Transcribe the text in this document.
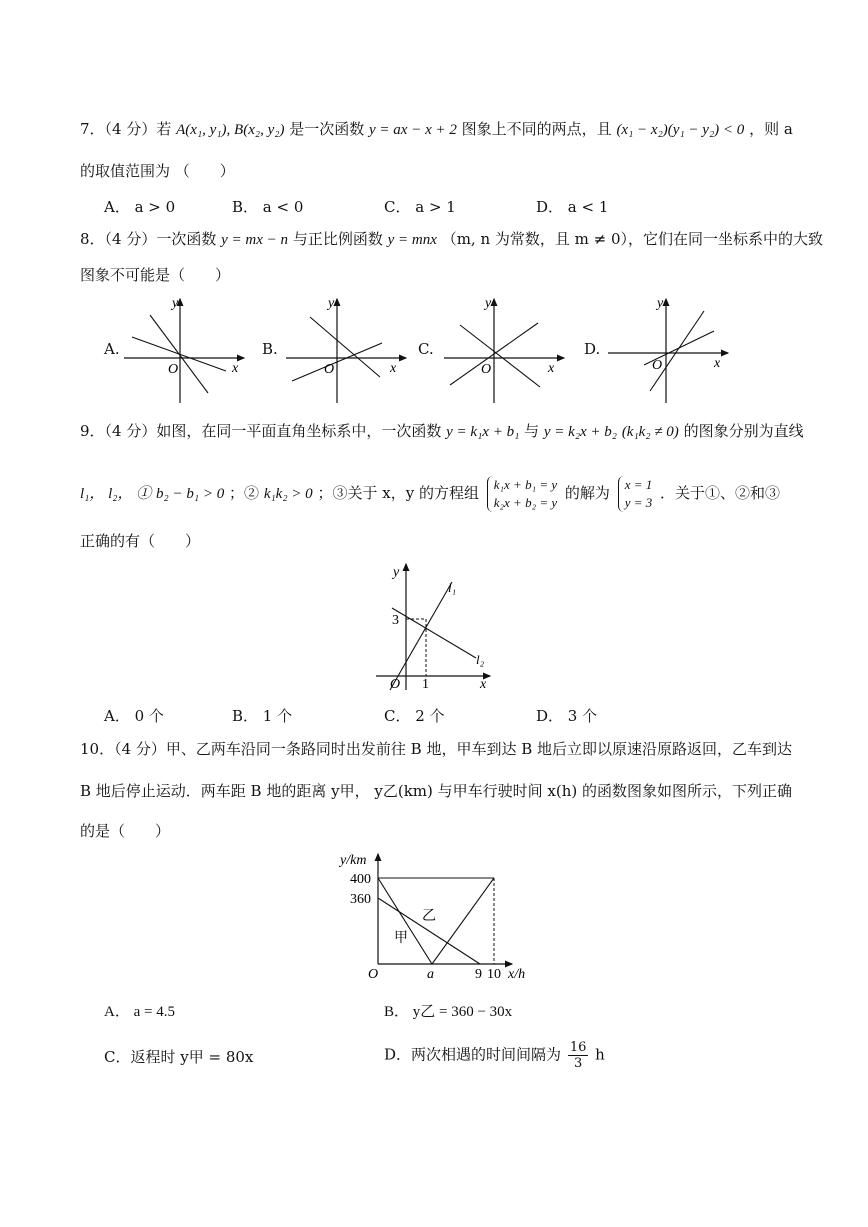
7．（4 分）若 A(x₁, y₁), B(x₂, y₂) 是一次函数 y = ax − x + 2 图象上不同的两点，且 (x₁ − x₂)(y₁ − y₂) < 0 ，则 a
的取值范围为 （　　）
A． a > 0	B． a < 0	C． a > 1	D． a < 1
8．（4 分）一次函数 y = mx − n 与正比例函数 y = mnx （m, n 为常数，且 m ≠ 0），它们在同一坐标系中的大致
图象不可能是（　　）
A.
y
x
O
B.
y
x
O
C.
y
x
O
D.
y
x
O
9．（4 分）如图，在同一平面直角坐标系中，一次函数 y = k₁x + b₁ 与 y = k₂x + b₂ (k₁k₂ ≠ 0) 的图象分别为直线
l₁， l₂， ① b₂ − b₁ > 0 ；② k₁k₂ > 0 ；③关于 x，y 的方程组 k₁x + b₁ = y
k₂x + b₂ = y
的解为 x = 1
y = 3
．关于①、②和③
正确的有（　　）
y
x
O
3
1
l₁
l₂
A． 0 个	B． 1 个	C． 2 个	D． 3 个
10．（4 分）甲、乙两车沿同一条路同时出发前往 B 地，甲车到达 B 地后立即以原速沿原路返回，乙车到达
B 地后停止运动．两车距 B 地的距离 y甲， y乙(km) 与甲车行驶时间 x(h) 的函数图象如图所示，下列正确
的是（　　）
y/km
400
360
O	a	9 10 x/h
甲
乙
A． a = 4.5	B． y乙 = 360 − 30x
C．返程时 y甲 = 80x	D．两次相遇的时间间隔为 $\frac{16}{3}$ h
